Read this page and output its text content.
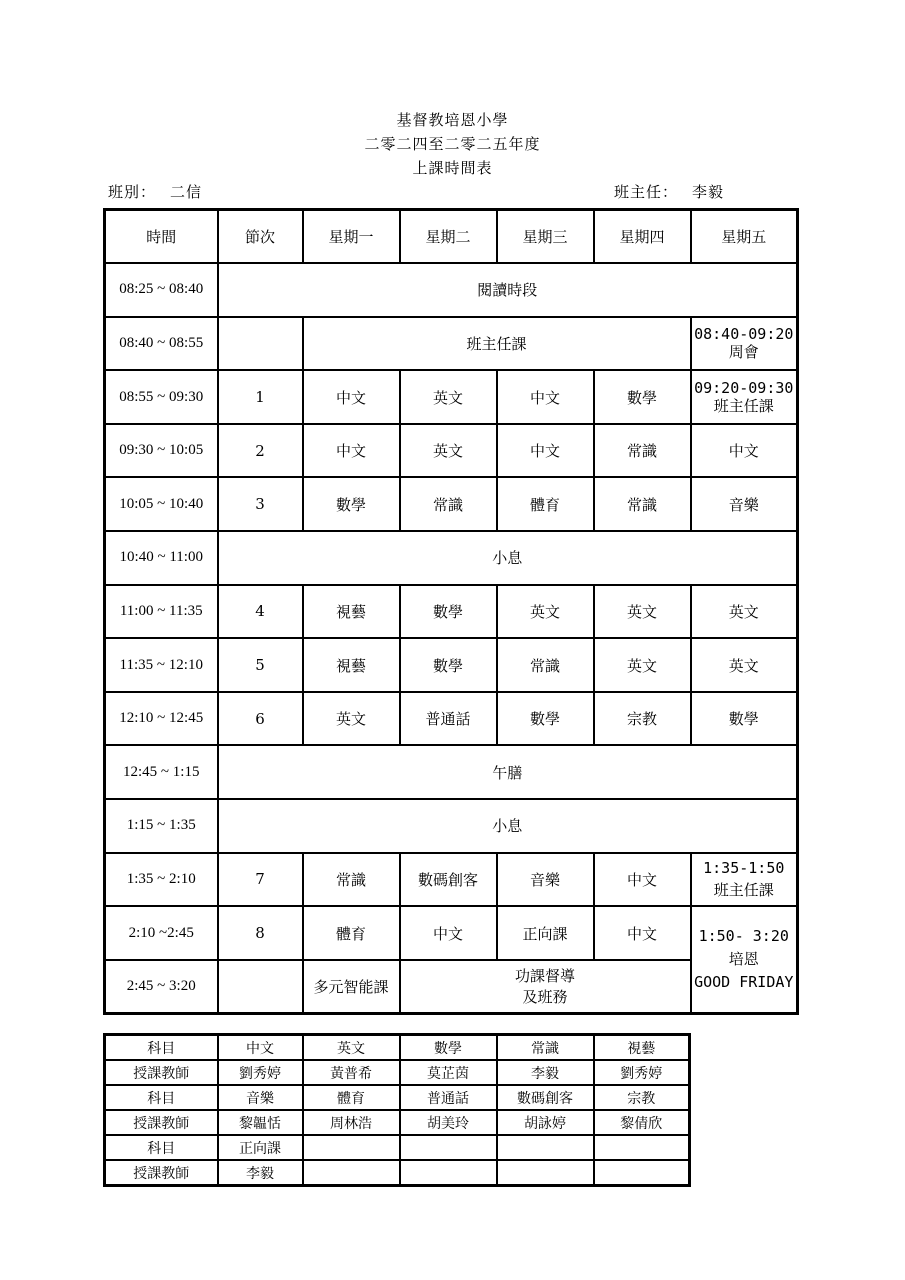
基督教培恩小學
二零二四至二零二五年度
上課時間表
班別： 二信	班主任： 李毅
時間	節次	星期一	星期二	星期三	星期四	星期五
08:25 ~ 08:40	閱讀時段					
08:40 ~ 08:55		班主任課				08:40-09:20
周會

08:55 ~ 09:30	1	中文	英文	中文	數學	09:20-09:30
班主任課

09:30 ~ 10:05	2	中文	英文	中文	常識	中文
10:05 ~ 10:40	3	數學	常識	體育	常識	音樂
10:40 ~ 11:00	小息					
11:00 ~ 11:35	4	視藝	數學	英文	英文	英文
11:35 ~ 12:10	5	視藝	數學	常識	英文	英文
12:10 ~ 12:45	6	英文	普通話	數學	宗教	數學
12:45 ~ 1:15	午膳					
1:15 ~ 1:35	小息					
1:35 ~ 2:10	7	常識	數碼創客	音樂	中文	1:35-1:50
班主任課

2:10 ~2:45	8	體育	中文	正向課	中文	1:50- 3:20
培恩
GOOD FRIDAY

2:45 ~ 3:20		多元智能課	功課督導
及班務			
科目	中文	英文	數學	常識	視藝
授課教師	劉秀婷	黃普希	莫芷茵	李毅	劉秀婷
科目	音樂	體育	普通話	數碼創客	宗教
授課教師	黎韞恬	周林浩	胡美玲	胡詠婷	黎倩欣
科目	正向課				
授課教師	李毅				
